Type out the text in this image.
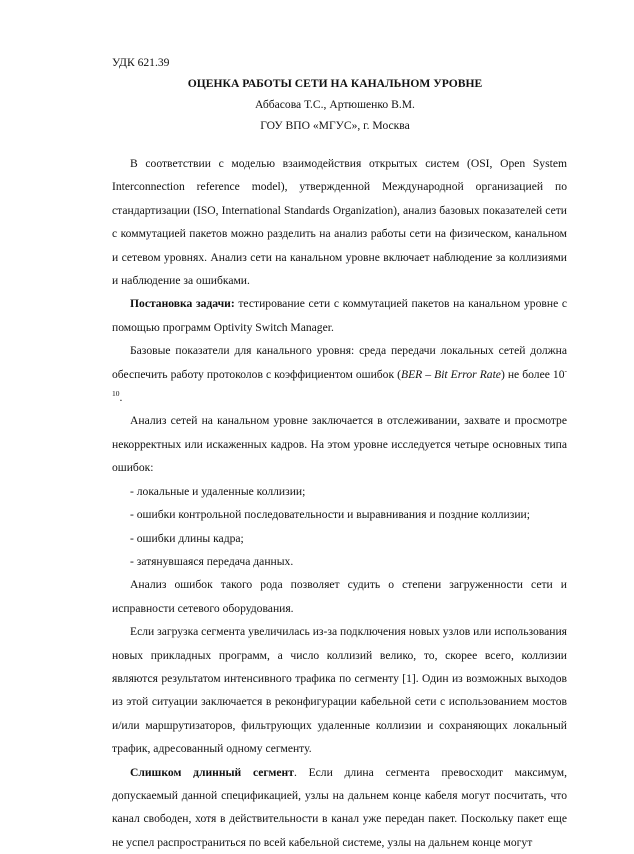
УДК 621.39
ОЦЕНКА РАБОТЫ СЕТИ НА КАНАЛЬНОМ УРОВНЕ
Аббасова Т.С., Артюшенко В.М.
ГОУ ВПО «МГУС», г. Москва

В соответствии с моделью взаимодействия открытых систем (OSI, Open System Interconnection reference model), утвержденной Международной организацией по стандартизации (ISO, International Standards Organization), анализ базовых показателей сети с коммутацией пакетов можно разделить на анализ работы сети на физическом, канальном и сетевом уровнях. Анализ сети на канальном уровне включает наблюдение за коллизиями и наблюдение за ошибками.

Постановка задачи: тестирование сети с коммутацией пакетов на канальном уровне с помощью программ Optivity Switch Manager.

Базовые показатели для канального уровня: среда передачи локальных сетей должна обеспечить работу протоколов с коэффициентом ошибок (BER – Bit Error Rate) не более $10^{-10}$.

Анализ сетей на канальном уровне заключается в отслеживании, захвате и просмотре некорректных или искаженных кадров. На этом уровне исследуется четыре основных типа ошибок:

- локальные и удаленные коллизии;

- ошибки контрольной последовательности и выравнивания и поздние коллизии;

- ошибки длины кадра;

- затянувшаяся передача данных.

Анализ ошибок такого рода позволяет судить о степени загруженности сети и исправности сетевого оборудования.

Если загрузка сегмента увеличилась из-за подключения новых узлов или использования новых прикладных программ, а число коллизий велико, то, скорее всего, коллизии являются результатом интенсивного трафика по сегменту [1]. Один из возможных выходов из этой ситуации заключается в реконфигурации кабельной сети с использованием мостов и/или маршрутизаторов, фильтрующих удаленные коллизии и сохраняющих локальный трафик, адресованный одному сегменту.

Слишком длинный сегмент. Если длина сегмента превосходит максимум, допускаемый данной спецификацией, узлы на дальнем конце кабеля могут посчитать, что канал свободен, хотя в действительности в канал уже передан пакет. Поскольку пакет еще не успел распространиться по всей кабельной системе, узлы на дальнем конце могут
